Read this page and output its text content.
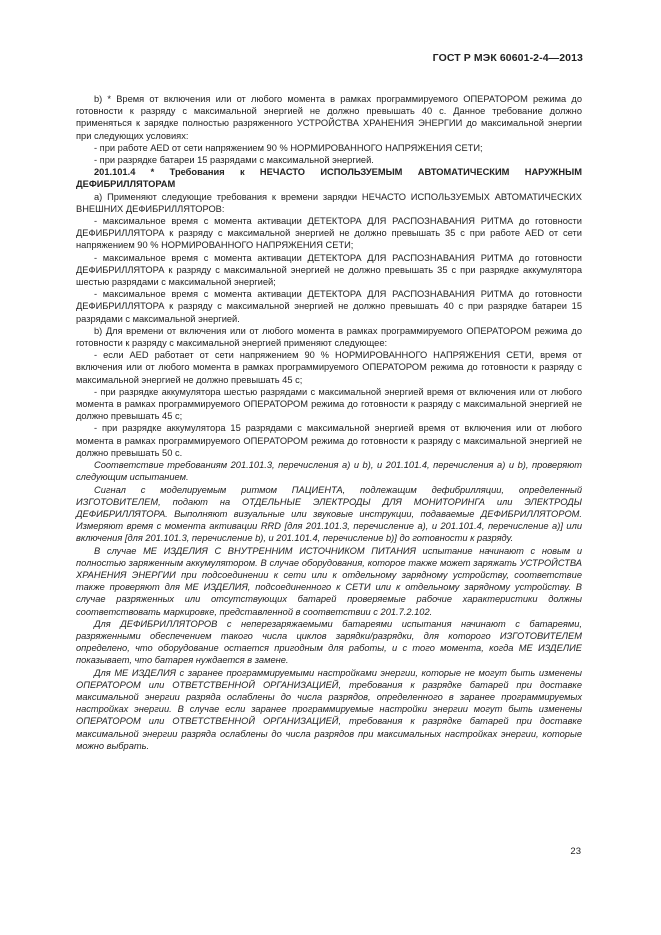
ГОСТ Р МЭК 60601-2-4—2013

b) * Время от включения или от любого момента в рамках программируемого ОПЕРАТОРОМ режима до готовности к разряду с максимальной энергией не должно превышать 40 с. Данное требование должно применяться к зарядке полностью разряженного УСТРОЙСТВА ХРАНЕНИЯ ЭНЕРГИИ до максимальной энергии при следующих условиях:

- при работе AED от сети напряжением 90 % НОРМИРОВАННОГО НАПРЯЖЕНИЯ СЕТИ;

- при разрядке батареи 15 разрядами с максимальной энергией.

201.101.4 * Требования к НЕЧАСТО ИСПОЛЬЗУЕМЫМ АВТОМАТИЧЕСКИМ НАРУЖНЫМ ДЕФИБРИЛЛЯТОРАМ

a) Применяют следующие требования к времени зарядки НЕЧАСТО ИСПОЛЬЗУЕМЫХ АВТОМАТИЧЕСКИХ ВНЕШНИХ ДЕФИБРИЛЛЯТОРОВ:

- максимальное время с момента активации ДЕТЕКТОРА ДЛЯ РАСПОЗНАВАНИЯ РИТМА до готовности ДЕФИБРИЛЛЯТОРА к разряду с максимальной энергией не должно превышать 35 с при работе AED от сети напряжением 90 % НОРМИРОВАННОГО НАПРЯЖЕНИЯ СЕТИ;

- максимальное время с момента активации ДЕТЕКТОРА ДЛЯ РАСПОЗНАВАНИЯ РИТМА до готовности ДЕФИБРИЛЛЯТОРА к разряду с максимальной энергией не должно превышать 35 с при разрядке аккумулятора шестью разрядами с максимальной энергией;

- максимальное время с момента активации ДЕТЕКТОРА ДЛЯ РАСПОЗНАВАНИЯ РИТМА до готовности ДЕФИБРИЛЛЯТОРА к разряду с максимальной энергией не должно превышать 40 с при разрядке батареи 15 разрядами с максимальной энергией.

b) Для времени от включения или от любого момента в рамках программируемого ОПЕРАТОРОМ режима до готовности к разряду с максимальной энергией применяют следующее:

- если AED работает от сети напряжением 90 % НОРМИРОВАННОГО НАПРЯЖЕНИЯ СЕТИ, время от включения или от любого момента в рамках программируемого ОПЕРАТОРОМ режима до готовности к разряду с максимальной энергией не должно превышать 45 с;

- при разрядке аккумулятора шестью разрядами с максимальной энергией время от включения или от любого момента в рамках программируемого ОПЕРАТОРОМ режима до готовности к разряду с максимальной энергией не должно превышать 45 с;

- при разрядке аккумулятора 15 разрядами с максимальной энергией время от включения или от любого момента в рамках программируемого ОПЕРАТОРОМ режима до готовности к разряду с максимальной энергией не должно превышать 50 с.

Соответствие требованиям 201.101.3, перечисления a) и b), и 201.101.4, перечисления a) и b), проверяют следующим испытанием.

Сигнал с моделируемым ритмом ПАЦИЕНТА, подлежащим дефибрилляции, определенный ИЗГОТОВИТЕЛЕМ, подают на ОТДЕЛЬНЫЕ ЭЛЕКТРОДЫ ДЛЯ МОНИТОРИНГА или ЭЛЕКТРОДЫ ДЕФИБРИЛЛЯТОРА. Выполняют визуальные или звуковые инструкции, подаваемые ДЕФИБРИЛЛЯТОРОМ. Измеряют время с момента активации RRD [для 201.101.3, перечисление a), и 201.101.4, перечисление a)] или включения [для 201.101.3, перечисление b), и 201.101.4, перечисление b)] до готовности к разряду.

В случае МЕ ИЗДЕЛИЯ С ВНУТРЕННИМ ИСТОЧНИКОМ ПИТАНИЯ испытание начинают с новым и полностью заряженным аккумулятором. В случае оборудования, которое также может заряжать УСТРОЙСТВА ХРАНЕНИЯ ЭНЕРГИИ при подсоединении к сети или к отдельному зарядному устройству, соответствие также проверяют для МЕ ИЗДЕЛИЯ, подсоединенного к СЕТИ или к отдельному зарядному устройству. В случае разряженных или отсутствующих батарей проверяемые рабочие характеристики должны соответствовать маркировке, представленной в соответствии с 201.7.2.102.

Для ДЕФИБРИЛЛЯТОРОВ с неперезаряжаемыми батареями испытания начинают с батареями, разряженными обеспечением такого числа циклов зарядки/разрядки, для которого ИЗГОТОВИТЕЛЕМ определено, что оборудование остается пригодным для работы, и с того момента, когда МЕ ИЗДЕЛИЕ показывает, что батарея нуждается в замене.

Для МЕ ИЗДЕЛИЯ с заранее программируемыми настройками энергии, которые не могут быть изменены ОПЕРАТОРОМ или ОТВЕТСТВЕННОЙ ОРГАНИЗАЦИЕЙ, требования к разрядке батарей при доставке максимальной энергии разряда ослаблены до числа разрядов, определенного в заранее программируемых настройках энергии. В случае если заранее программируемые настройки энергии могут быть изменены ОПЕРАТОРОМ или ОТВЕТСТВЕННОЙ ОРГАНИЗАЦИЕЙ, требования к разрядке батарей при доставке максимальной энергии разряда ослаблены до числа разрядов при максимальных настройках энергии, которые можно выбрать.

23
